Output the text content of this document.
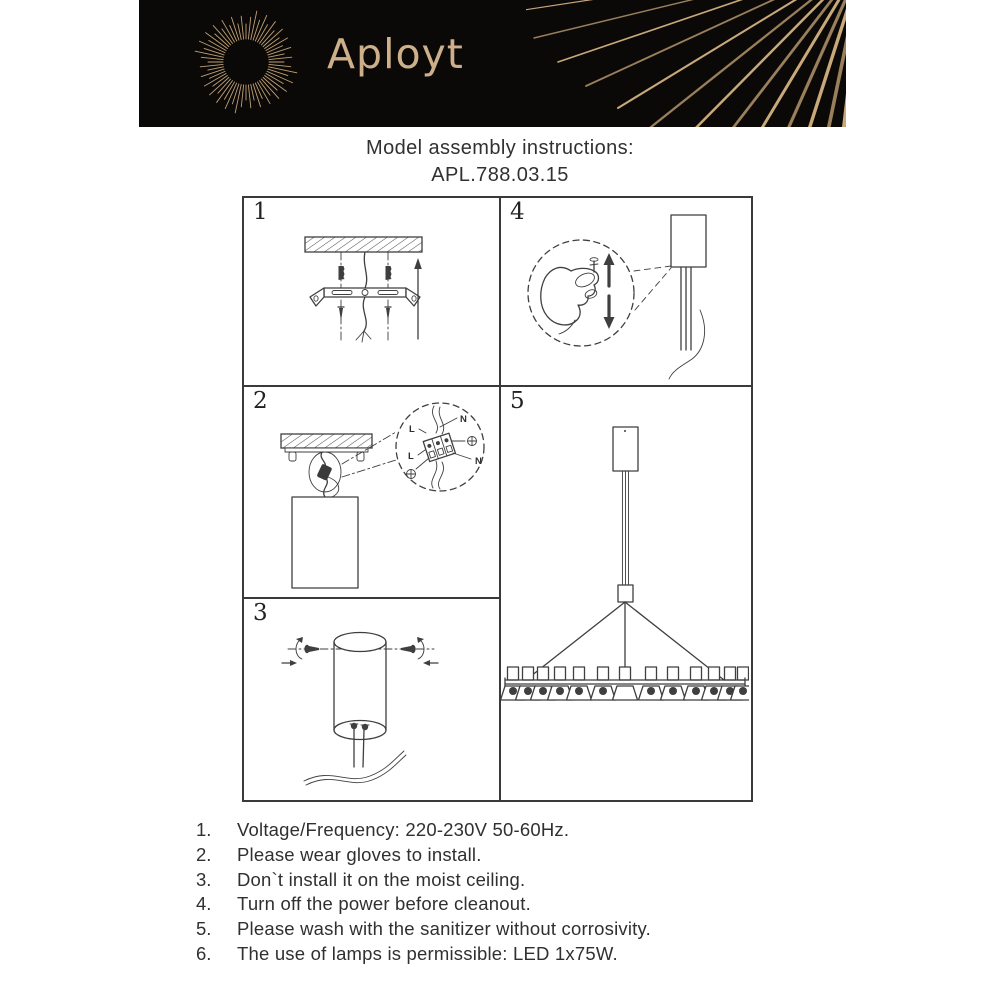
Aployt
Model assembly instructions:
APL.788.03.15
1
2
N
L
L	N
3
4
5
1.	Voltage/Frequency: 220-230V 50-60Hz.
2.	Please wear gloves to install.
3.	Don`t install it on the moist ceiling.
4.	Turn off the power before cleanout.
5.	Please wash with the sanitizer without corrosivity.
6.	The use of lamps is permissible: LED 1x75W.
